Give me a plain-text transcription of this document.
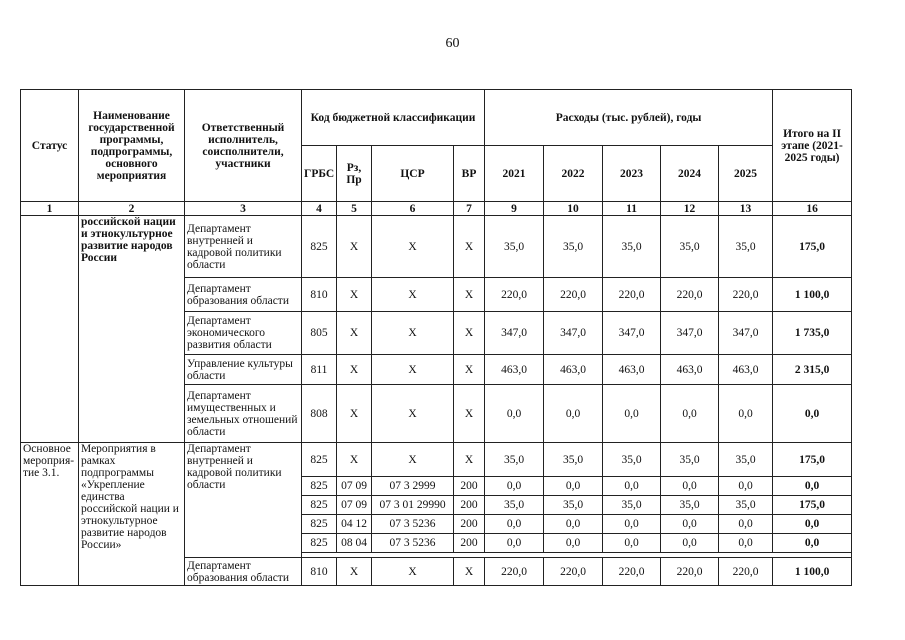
60
Статус	Наименование государственной программы, подпрограммы, основного мероприятия	Ответственный исполнитель, соисполнители, участники	Код бюджетной классификации				Расходы (тыс. рублей), годы					Итого на II этапе (2021-2025 годы)
			ГРБС	Рз, Пр	ЦСР	ВР	2021	2022	2023	2024	2025	
1	2	3	4	5	6	7	9	10	11	12	13	16
	российской нации и этнокультурное развитие народов России	Департамент внутренней и кадровой политики области	825	Х	Х	Х	35,0	35,0	35,0	35,0	35,0	175,0
		Департамент образования области	810	Х	Х	Х	220,0	220,0	220,0	220,0	220,0	1 100,0
		Департамент экономического развития области	805	Х	Х	Х	347,0	347,0	347,0	347,0	347,0	1 735,0
		Управление культуры области	811	Х	Х	Х	463,0	463,0	463,0	463,0	463,0	2 315,0
		Департамент имущественных и земельных отношений области	808	Х	Х	Х	0,0	0,0	0,0	0,0	0,0	0,0
Основное мероприя-тие 3.1.	Мероприятия в рамках подпрограммы «Укрепление единства российской нации и этнокультурное развитие народов России»	Департамент внутренней и кадровой политики области	825	Х	Х	Х	35,0	35,0	35,0	35,0	35,0	175,0
			825	07 09	07 3 2999	200	0,0	0,0	0,0	0,0	0,0	0,0
			825	07 09	07 3 01 29990	200	35,0	35,0	35,0	35,0	35,0	175,0
			825	04 12	07 3 5236	200	0,0	0,0	0,0	0,0	0,0	0,0
			825	08 04	07 3 5236	200	0,0	0,0	0,0	0,0	0,0	0,0

		Департамент образования области	810	Х	Х	Х	220,0	220,0	220,0	220,0	220,0	1 100,0
